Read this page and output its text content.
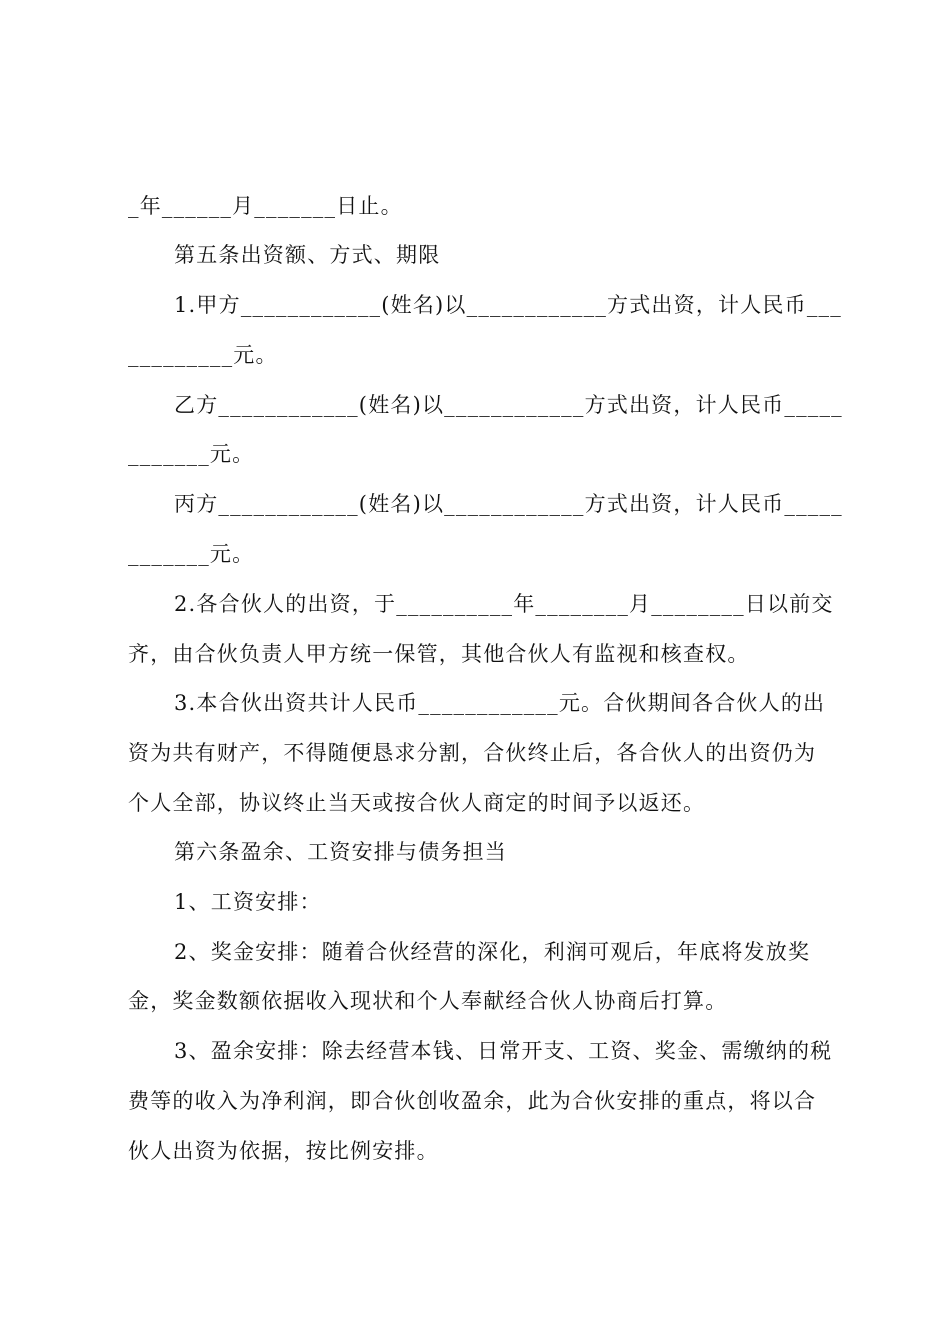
_年______月_______日止。
第五条出资额、方式、期限
1.甲方____________(姓名)以____________方式出资，计人民币___
_________元。
乙方____________(姓名)以____________方式出资，计人民币_____
_______元。
丙方____________(姓名)以____________方式出资，计人民币_____
_______元。
2.各合伙人的出资，于__________年________月________日以前交
齐，由合伙负责人甲方统一保管，其他合伙人有监视和核查权。
3.本合伙出资共计人民币____________元。合伙期间各合伙人的出
资为共有财产，不得随便恳求分割，合伙终止后，各合伙人的出资仍为
个人全部，协议终止当天或按合伙人商定的时间予以返还。
第六条盈余、工资安排与债务担当
1、工资安排：
2、奖金安排：随着合伙经营的深化，利润可观后，年底将发放奖
金，奖金数额依据收入现状和个人奉献经合伙人协商后打算。
3、盈余安排：除去经营本钱、日常开支、工资、奖金、需缴纳的税
费等的收入为净利润，即合伙创收盈余，此为合伙安排的重点，将以合
伙人出资为依据，按比例安排。
